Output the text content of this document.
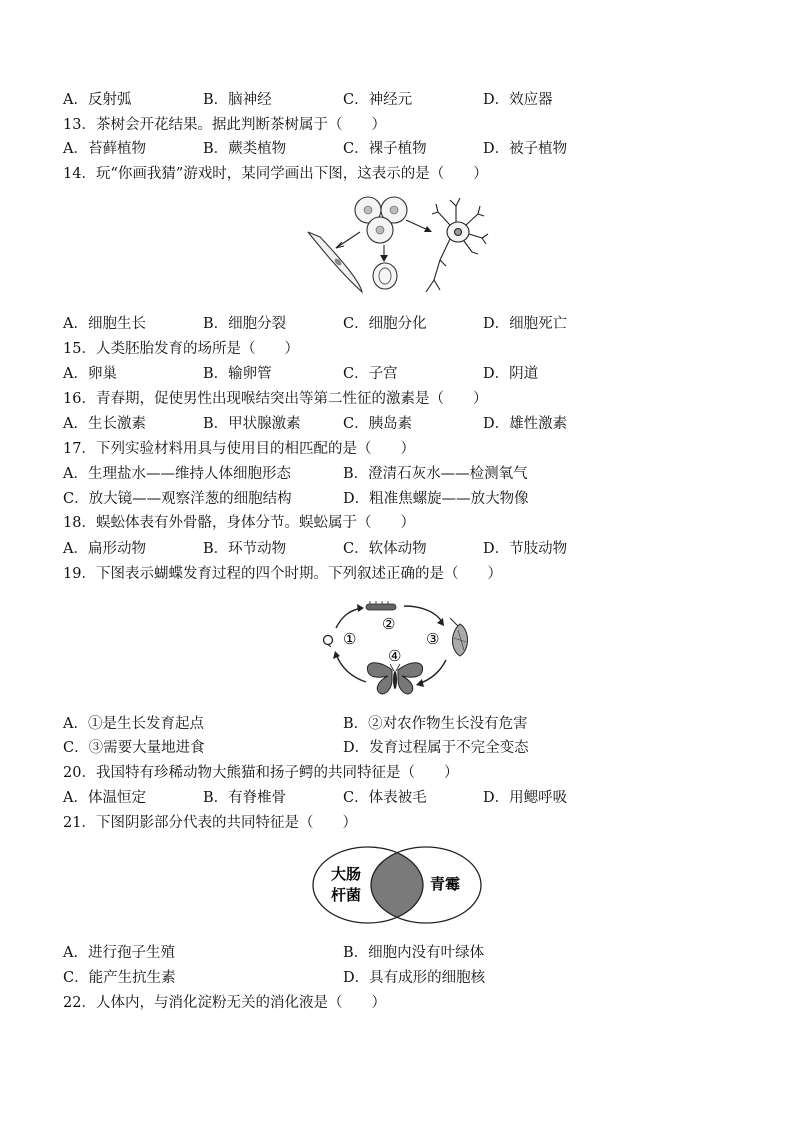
A．反射弧	B．脑神经	C．神经元	D．效应器
13．茶树会开花结果。据此判断茶树属于（　　）
A．苔藓植物	B．蕨类植物	C．裸子植物	D．被子植物
14．玩“你画我猜”游戏时，某同学画出下图，这表示的是（　　）
A．细胞生长	B．细胞分裂	C．细胞分化	D．细胞死亡
15．人类胚胎发育的场所是（　　）
A．卵巢	B．输卵管	C．子宫	D．阴道
16．青春期，促使男性出现喉结突出等第二性征的激素是（　　）
A．生长激素	B．甲状腺激素	C．胰岛素	D．雄性激素
17．下列实验材料用具与使用目的相匹配的是（　　）
A．生理盐水——维持人体细胞形态	B．澄清石灰水——检测氧气
C．放大镜——观察洋葱的细胞结构	D．粗准焦螺旋——放大物像
18．蜈蚣体表有外骨骼，身体分节。蜈蚣属于（　　）
A．扁形动物	B．环节动物	C．软体动物	D．节肢动物
19．下图表示蝴蝶发育过程的四个时期。下列叙述正确的是（　　）
①
②
③
④
A．①是生长发育起点	B．②对农作物生长没有危害
C．③需要大量地进食	D．发育过程属于不完全变态
20．我国特有珍稀动物大熊猫和扬子鳄的共同特征是（　　）
A．体温恒定	B．有脊椎骨	C．体表被毛	D．用鳃呼吸
21．下图阴影部分代表的共同特征是（　　）
大肠
杆菌
青霉
A．进行孢子生殖	B．细胞内没有叶绿体
C．能产生抗生素	D．具有成形的细胞核
22．人体内，与消化淀粉无关的消化液是（　　）
